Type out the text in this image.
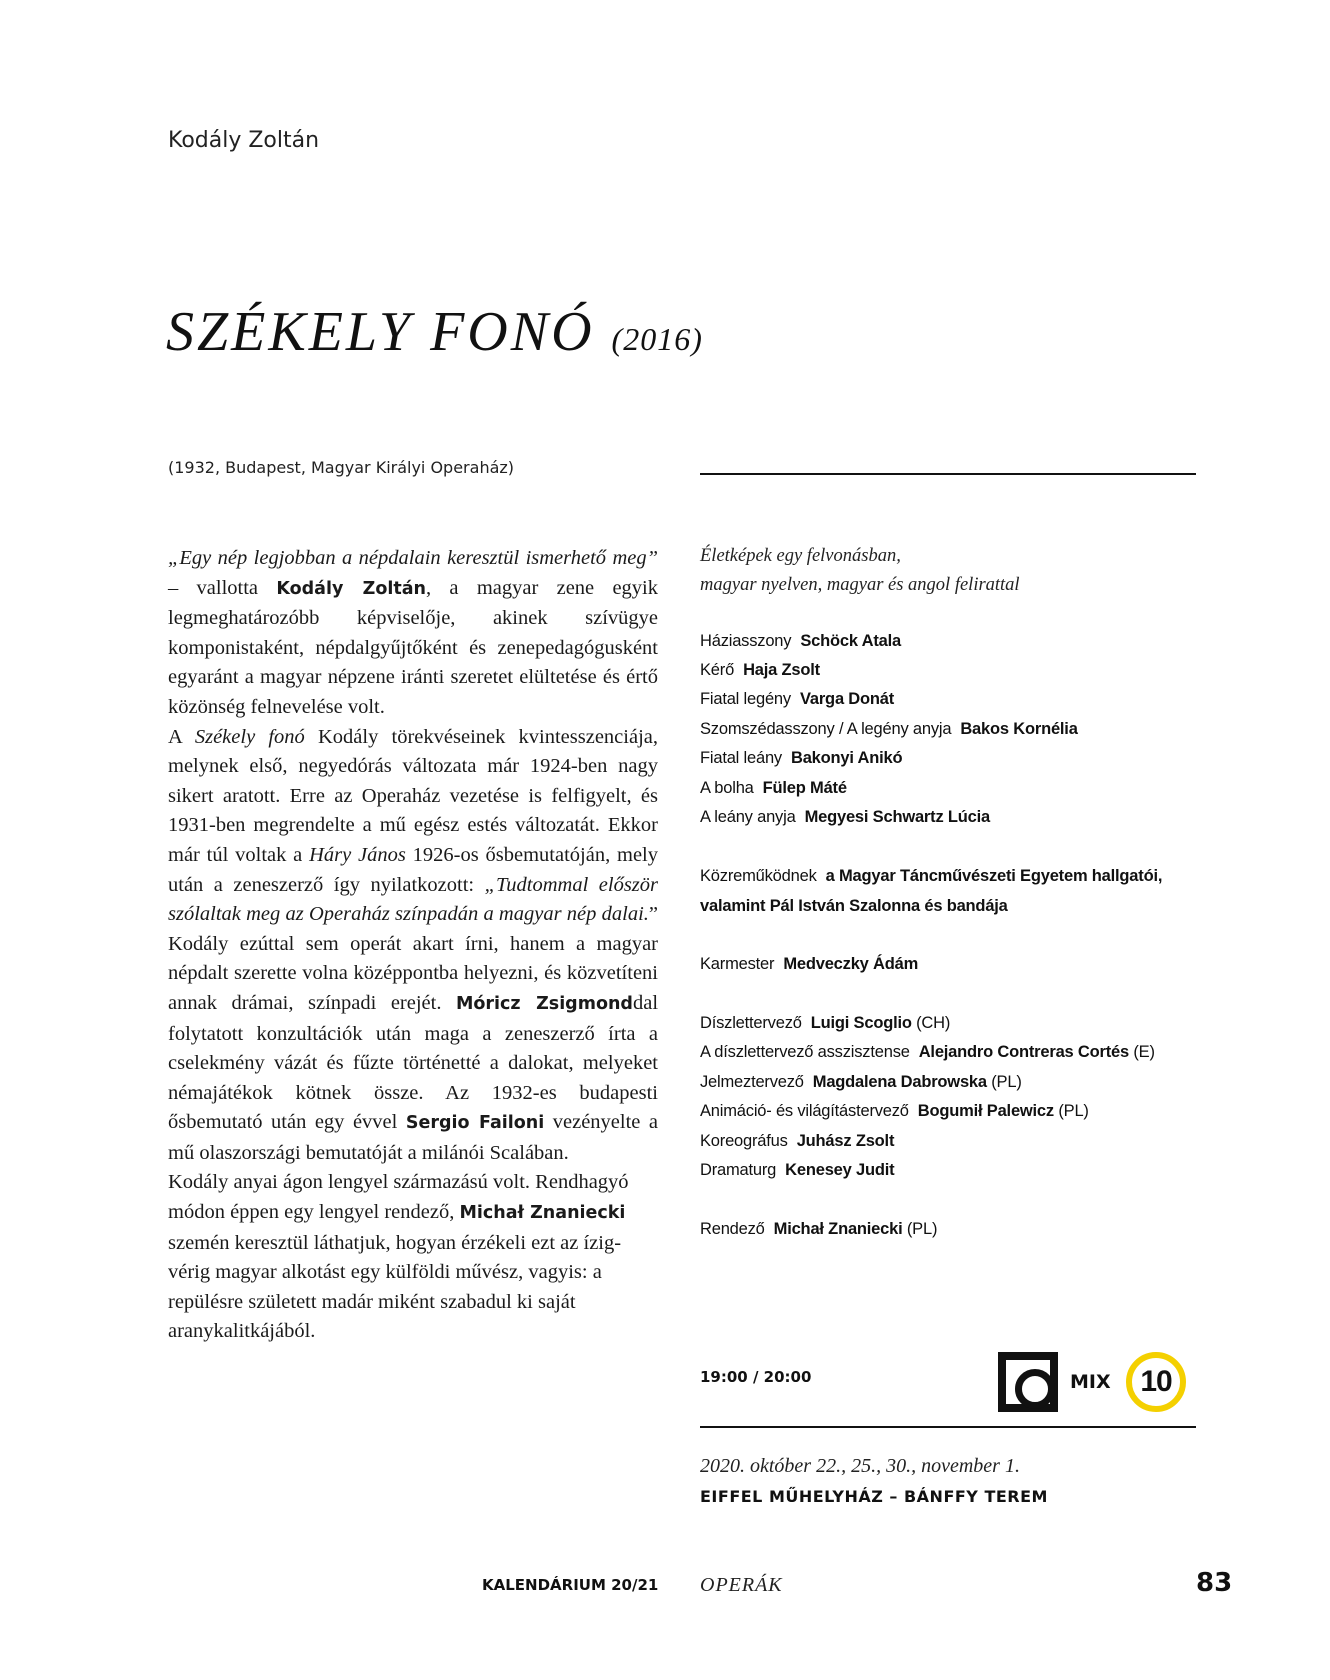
Kodály Zoltán
SZÉKELY FONÓ (2016)
(1932, Budapest, Magyar Királyi Operaház)

„Egy nép legjobban a népdalain keresztül ismerhető meg” – vallotta Kodály Zoltán, a magyar zene egyik legmeghatározóbb képviselője, akinek szívügye komponistaként, népdalgyűjtőként és zenepedagógusként egyaránt a magyar népzene iránti szeretet elültetése és értő közönség felnevelése volt.

A Székely fonó Kodály törekvéseinek kvintesszenciája, melynek első, negyedórás változata már 1924-ben nagy sikert aratott. Erre az Operaház vezetése is felfigyelt, és 1931-ben megrendelte a mű egész estés változatát. Ekkor már túl voltak a Háry János 1926-os ősbemutatóján, mely után a zeneszerző így nyilatkozott: „Tudtommal először szólaltak meg az Operaház színpadán a magyar nép dalai.” Kodály ezúttal sem operát akart írni, hanem a magyar népdalt szerette volna középpontba helyezni, és közvetíteni annak drámai, színpadi erejét. Móricz Zsigmonddal folytatott konzultációk után maga a zeneszerző írta a cselekmény vázát és fűzte történetté a dalokat, melyeket némajátékok kötnek össze. Az 1932-es budapesti ősbemutató után egy évvel Sergio Failoni vezényelte a mű olaszországi bemutatóját a milánói Scalában.

Kodály anyai ágon lengyel származású volt. Rendhagyó módon éppen egy lengyel rendező, Michał Znaniecki szemén keresztül láthatjuk, hogyan érzékeli ezt az ízig-vérig magyar alkotást egy külföldi művész, vagyis: a repülésre született madár miként szabadul ki saját aranykalitkájából.

Életképek egy felvonásban,
magyar nyelven, magyar és angol felirattal
Háziasszony Schöck Atala
Kérő Haja Zsolt
Fiatal legény Varga Donát
Szomszédasszony / A legény anyja Bakos Kornélia
Fiatal leány Bakonyi Anikó
A bolha Fülep Máté
A leány anyja Megyesi Schwartz Lúcia
Közreműködnek a Magyar Táncművészeti Egyetem hallgatói,
valamint Pál István Szalonna és bandája
Karmester Medveczky Ádám
Díszlettervező Luigi Scoglio (CH)
A díszlettervező asszisztense Alejandro Contreras Cortés (E)
Jelmeztervező Magdalena Dabrowska (PL)
Animáció- és világítástervező Bogumił Palewicz (PL)
Koreográfus Juhász Zsolt
Dramaturg Kenesey Judit
Rendező Michał Znaniecki (PL)
19:00 / 20:00	MIX 10
2020. október 22., 25., 30., november 1.
EIFFEL MŰHELYHÁZ – BÁNFFY TEREM
KALENDÁRIUM 20/21 OPERÁK	83
